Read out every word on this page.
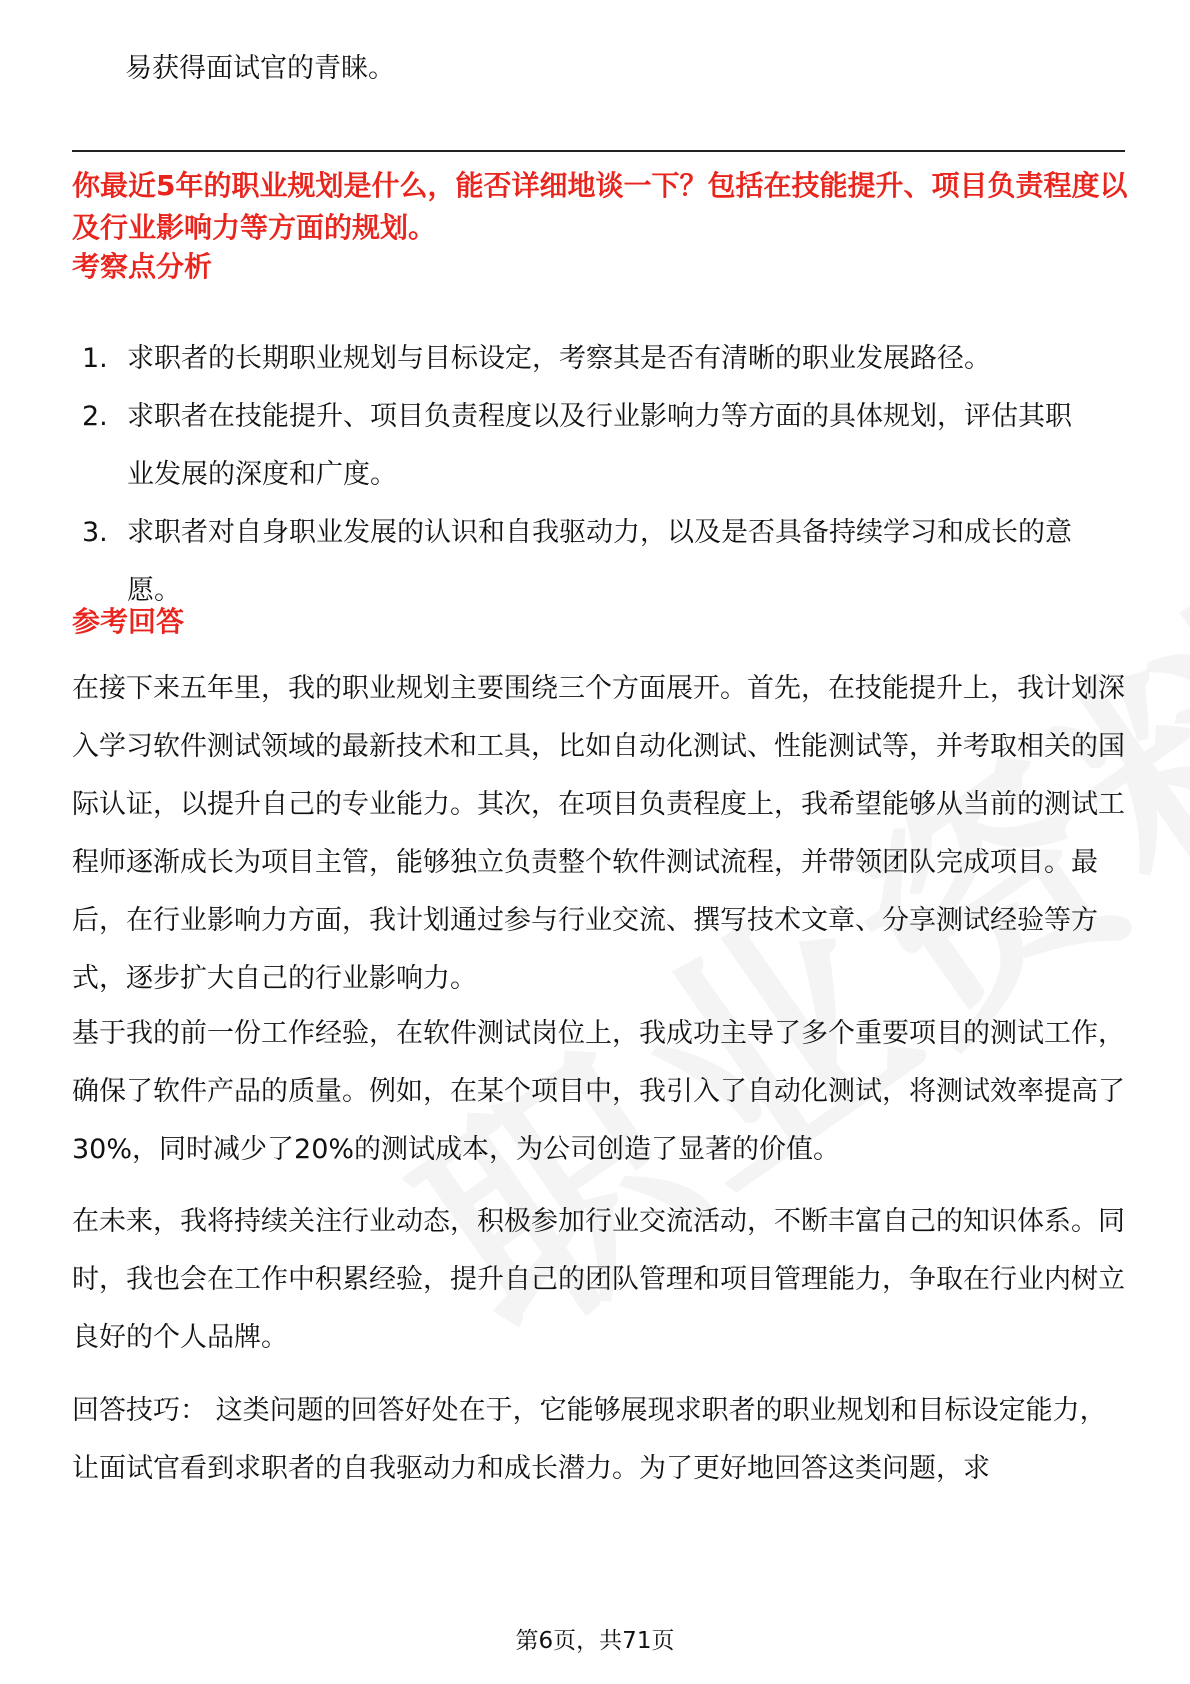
易获得面试官的青睐。
你最近5年的职业规划是什么，能否详细地谈一下？包括在技能提升、项目负责程度以及行业影响力等方面的规划。
考察点分析
1. 求职者的长期职业规划与目标设定，考察其是否有清晰的职业发展路径。
2. 求职者在技能提升、项目负责程度以及行业影响力等方面的具体规划，评估其职业发展的深度和广度。
3. 求职者对自身职业发展的认识和自我驱动力，以及是否具备持续学习和成长的意愿。
参考回答
在接下来五年里，我的职业规划主要围绕三个方面展开。首先，在技能提升上，我计划深入学习软件测试领域的最新技术和工具，比如自动化测试、性能测试等，并考取相关的国际认证，以提升自己的专业能力。其次，在项目负责程度上，我希望能够从当前的测试工程师逐渐成长为项目主管，能够独立负责整个软件测试流程，并带领团队完成项目。最后，在行业影响力方面，我计划通过参与行业交流、撰写技术文章、分享测试经验等方式，逐步扩大自己的行业影响力。
基于我的前一份工作经验，在软件测试岗位上，我成功主导了多个重要项目的测试工作，确保了软件产品的质量。例如，在某个项目中，我引入了自动化测试，将测试效率提高了30%，同时减少了20%的测试成本，为公司创造了显著的价值。
在未来，我将持续关注行业动态，积极参加行业交流活动，不断丰富自己的知识体系。同时，我也会在工作中积累经验，提升自己的团队管理和项目管理能力，争取在行业内树立良好的个人品牌。
回答技巧： 这类问题的回答好处在于，它能够展现求职者的职业规划和目标设定能力，让面试官看到求职者的自我驱动力和成长潜力。为了更好地回答这类问题，求
第6页，共71页
